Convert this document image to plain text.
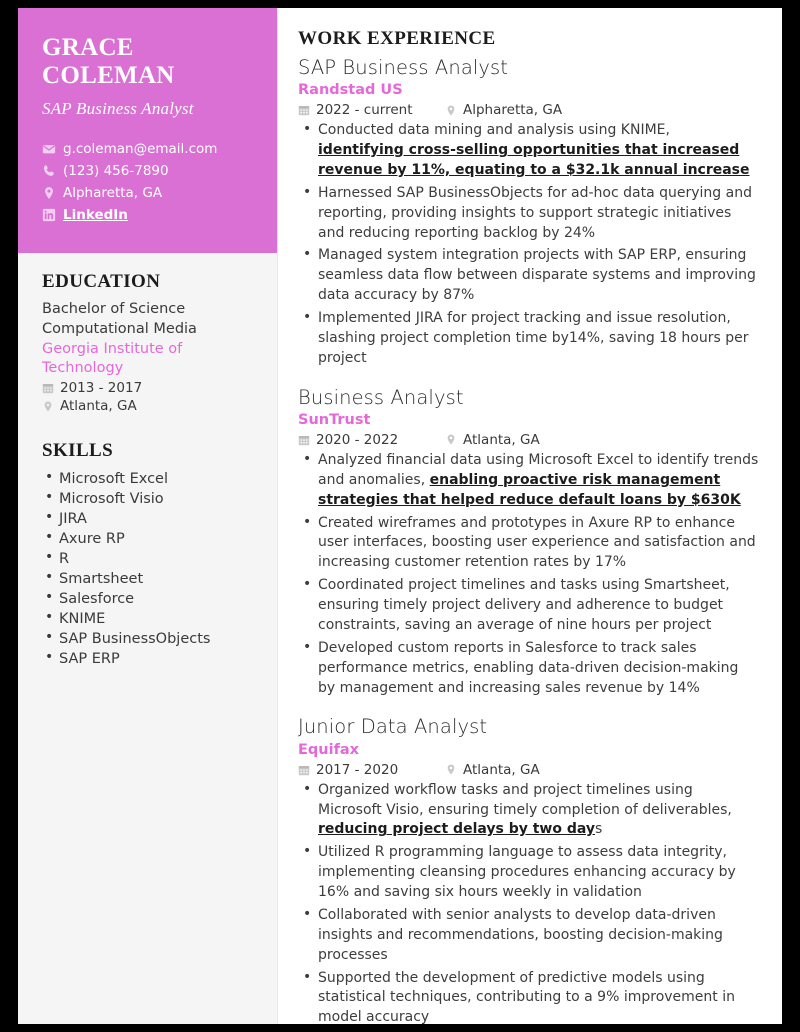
GRACE
COLEMAN
SAP Business Analyst
g.coleman@email.com
(123) 456-7890
Alpharetta, GA
LinkedIn
EDUCATION
Bachelor of Science
Computational Media
Georgia Institute of Technology
2013 - 2017
Atlanta, GA
SKILLS
• Microsoft Excel
• Microsoft Visio
• JIRA
• Axure RP
• R
• Smartsheet
• Salesforce
• KNIME
• SAP BusinessObjects
• SAP ERP
WORK EXPERIENCE
SAP Business Analyst
Randstad US
2022 - current	Alpharetta, GA
• Conducted data mining and analysis using KNIME, identifying cross-selling opportunities that increased revenue by 11%, equating to a $32.1k annual increase
• Harnessed SAP BusinessObjects for ad-hoc data querying and reporting, providing insights to support strategic initiatives and reducing reporting backlog by 24%
• Managed system integration projects with SAP ERP, ensuring seamless data flow between disparate systems and improving data accuracy by 87%
• Implemented JIRA for project tracking and issue resolution, slashing project completion time by14%, saving 18 hours per project
Business Analyst
SunTrust
2020 - 2022	Atlanta, GA
• Analyzed financial data using Microsoft Excel to identify trends and anomalies, enabling proactive risk management strategies that helped reduce default loans by $630K
• Created wireframes and prototypes in Axure RP to enhance user interfaces, boosting user experience and satisfaction and increasing customer retention rates by 17%
• Coordinated project timelines and tasks using Smartsheet, ensuring timely project delivery and adherence to budget constraints, saving an average of nine hours per project
• Developed custom reports in Salesforce to track sales performance metrics, enabling data-driven decision-making by management and increasing sales revenue by 14%
Junior Data Analyst
Equifax
2017 - 2020	Atlanta, GA
• Organized workflow tasks and project timelines using Microsoft Visio, ensuring timely completion of deliverables, reducing project delays by two days
• Utilized R programming language to assess data integrity, implementing cleansing procedures enhancing accuracy by 16% and saving six hours weekly in validation
• Collaborated with senior analysts to develop data-driven insights and recommendations, boosting decision-making processes
• Supported the development of predictive models using statistical techniques, contributing to a 9% improvement in model accuracy
